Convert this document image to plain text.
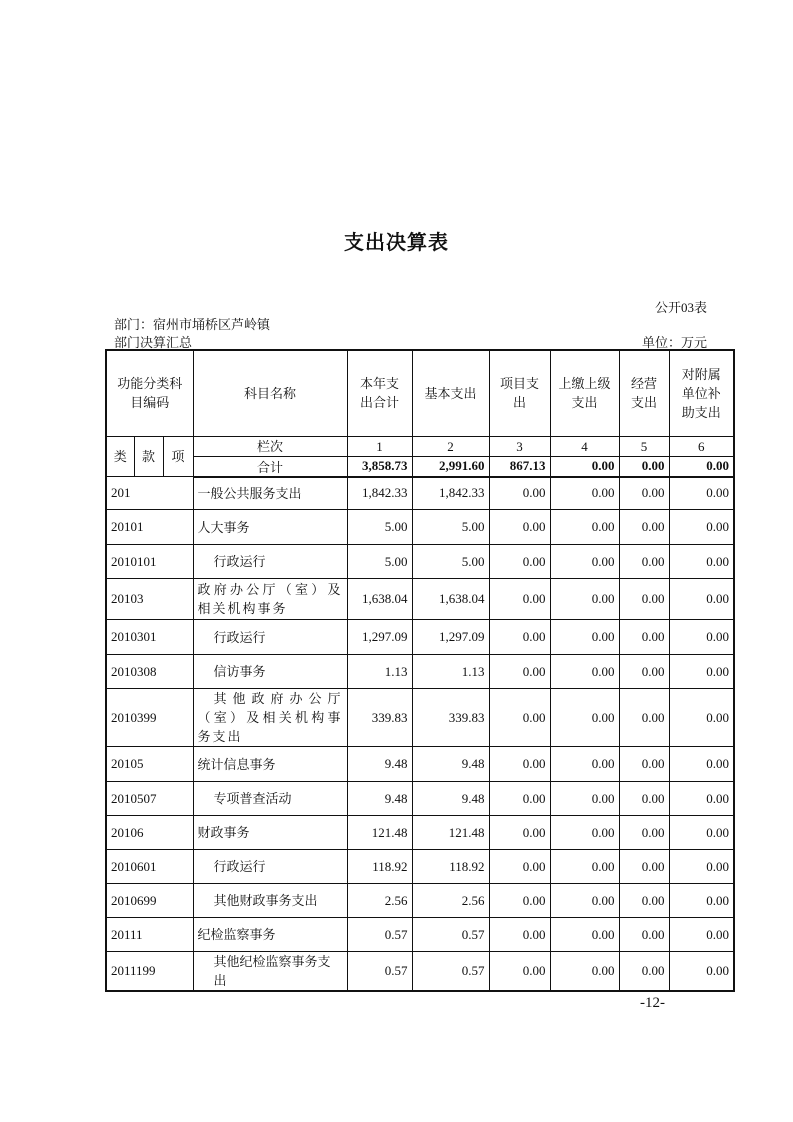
支出决算表
公开03表
部门：宿州市埇桥区芦岭镇
部门决算汇总	单位：万元
功能分类科目编码			科目名称	本年支出合计	基本支出	项目支出	上缴上级支出	经营支出	对附属单位补助支出
类	款	项	栏次	1	2	3	4	5	6
			合计	3,858.73	2,991.60	867.13	0.00	0.00	0.00
201			一般公共服务支出	1,842.33	1,842.33	0.00	0.00	0.00	0.00
20101			人大事务	5.00	5.00	0.00	0.00	0.00	0.00
2010101			行政运行	5.00	5.00	0.00	0.00	0.00	0.00
20103			政府办公厅（室）及相关机构事务	1,638.04	1,638.04	0.00	0.00	0.00	0.00
2010301			行政运行	1,297.09	1,297.09	0.00	0.00	0.00	0.00
2010308			信访事务	1.13	1.13	0.00	0.00	0.00	0.00
2010399			其他政府办公厅（室）及相关机构事务支出	339.83	339.83	0.00	0.00	0.00	0.00
20105			统计信息事务	9.48	9.48	0.00	0.00	0.00	0.00
2010507			专项普查活动	9.48	9.48	0.00	0.00	0.00	0.00
20106			财政事务	121.48	121.48	0.00	0.00	0.00	0.00
2010601			行政运行	118.92	118.92	0.00	0.00	0.00	0.00
2010699			其他财政事务支出	2.56	2.56	0.00	0.00	0.00	0.00
20111			纪检监察事务	0.57	0.57	0.00	0.00	0.00	0.00
2011199			其他纪检监察事务支出	0.57	0.57	0.00	0.00	0.00	0.00
-12-
